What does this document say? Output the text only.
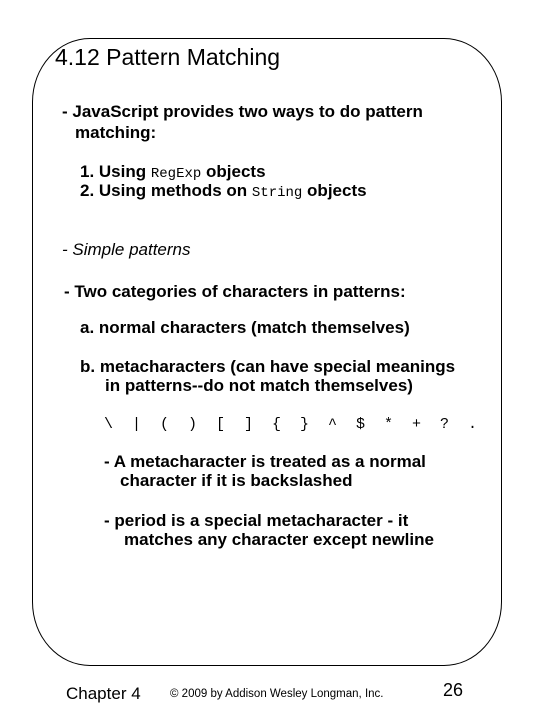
4.12 Pattern Matching
- JavaScript provides two ways to do pattern
matching:
1. Using RegExp objects
2. Using methods on String objects
- Simple patterns
- Two categories of characters in patterns:
a. normal characters (match themselves)
b. metacharacters (can have special meanings
in patterns--do not match themselves)
\ | ( ) [ ] { } ^ $ * + ? .
- A metacharacter is treated as a normal
character if it is backslashed
- period is a special metacharacter - it
matches any character except newline
Chapter 4	© 2009 by Addison Wesley Longman, Inc.	26
